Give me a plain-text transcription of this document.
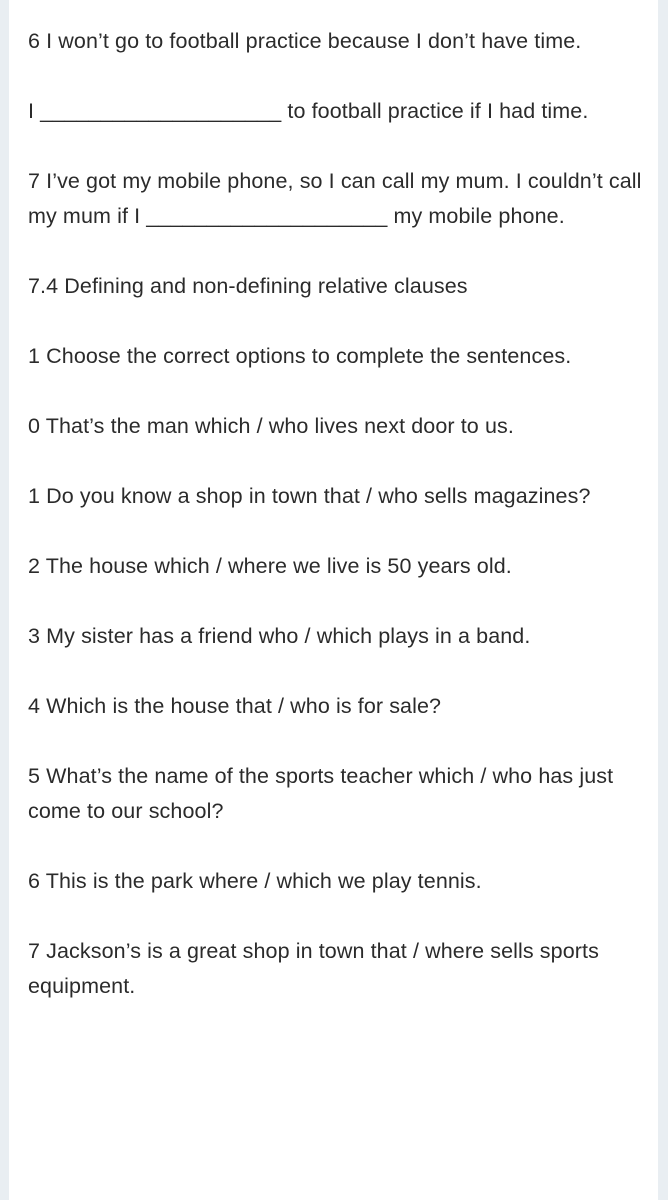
6 I won’t go to football practice because I don’t have time.

I ____________________ to football practice if I had time.

7 I’ve got my mobile phone, so I can call my mum. I couldn’t call my mum if I ____________________ my mobile phone.

7.4 Defining and non-defining relative clauses

1 Choose the correct options to complete the sentences.

0 That’s the man which / who lives next door to us.

1 Do you know a shop in town that / who sells magazines?

2 The house which / where we live is 50 years old.

3 My sister has a friend who / which plays in a band.

4 Which is the house that / who is for sale?

5 What’s the name of the sports teacher which / who has just come to our school?

6 This is the park where / which we play tennis.

7 Jackson’s is a great shop in town that / where sells sports equipment.
